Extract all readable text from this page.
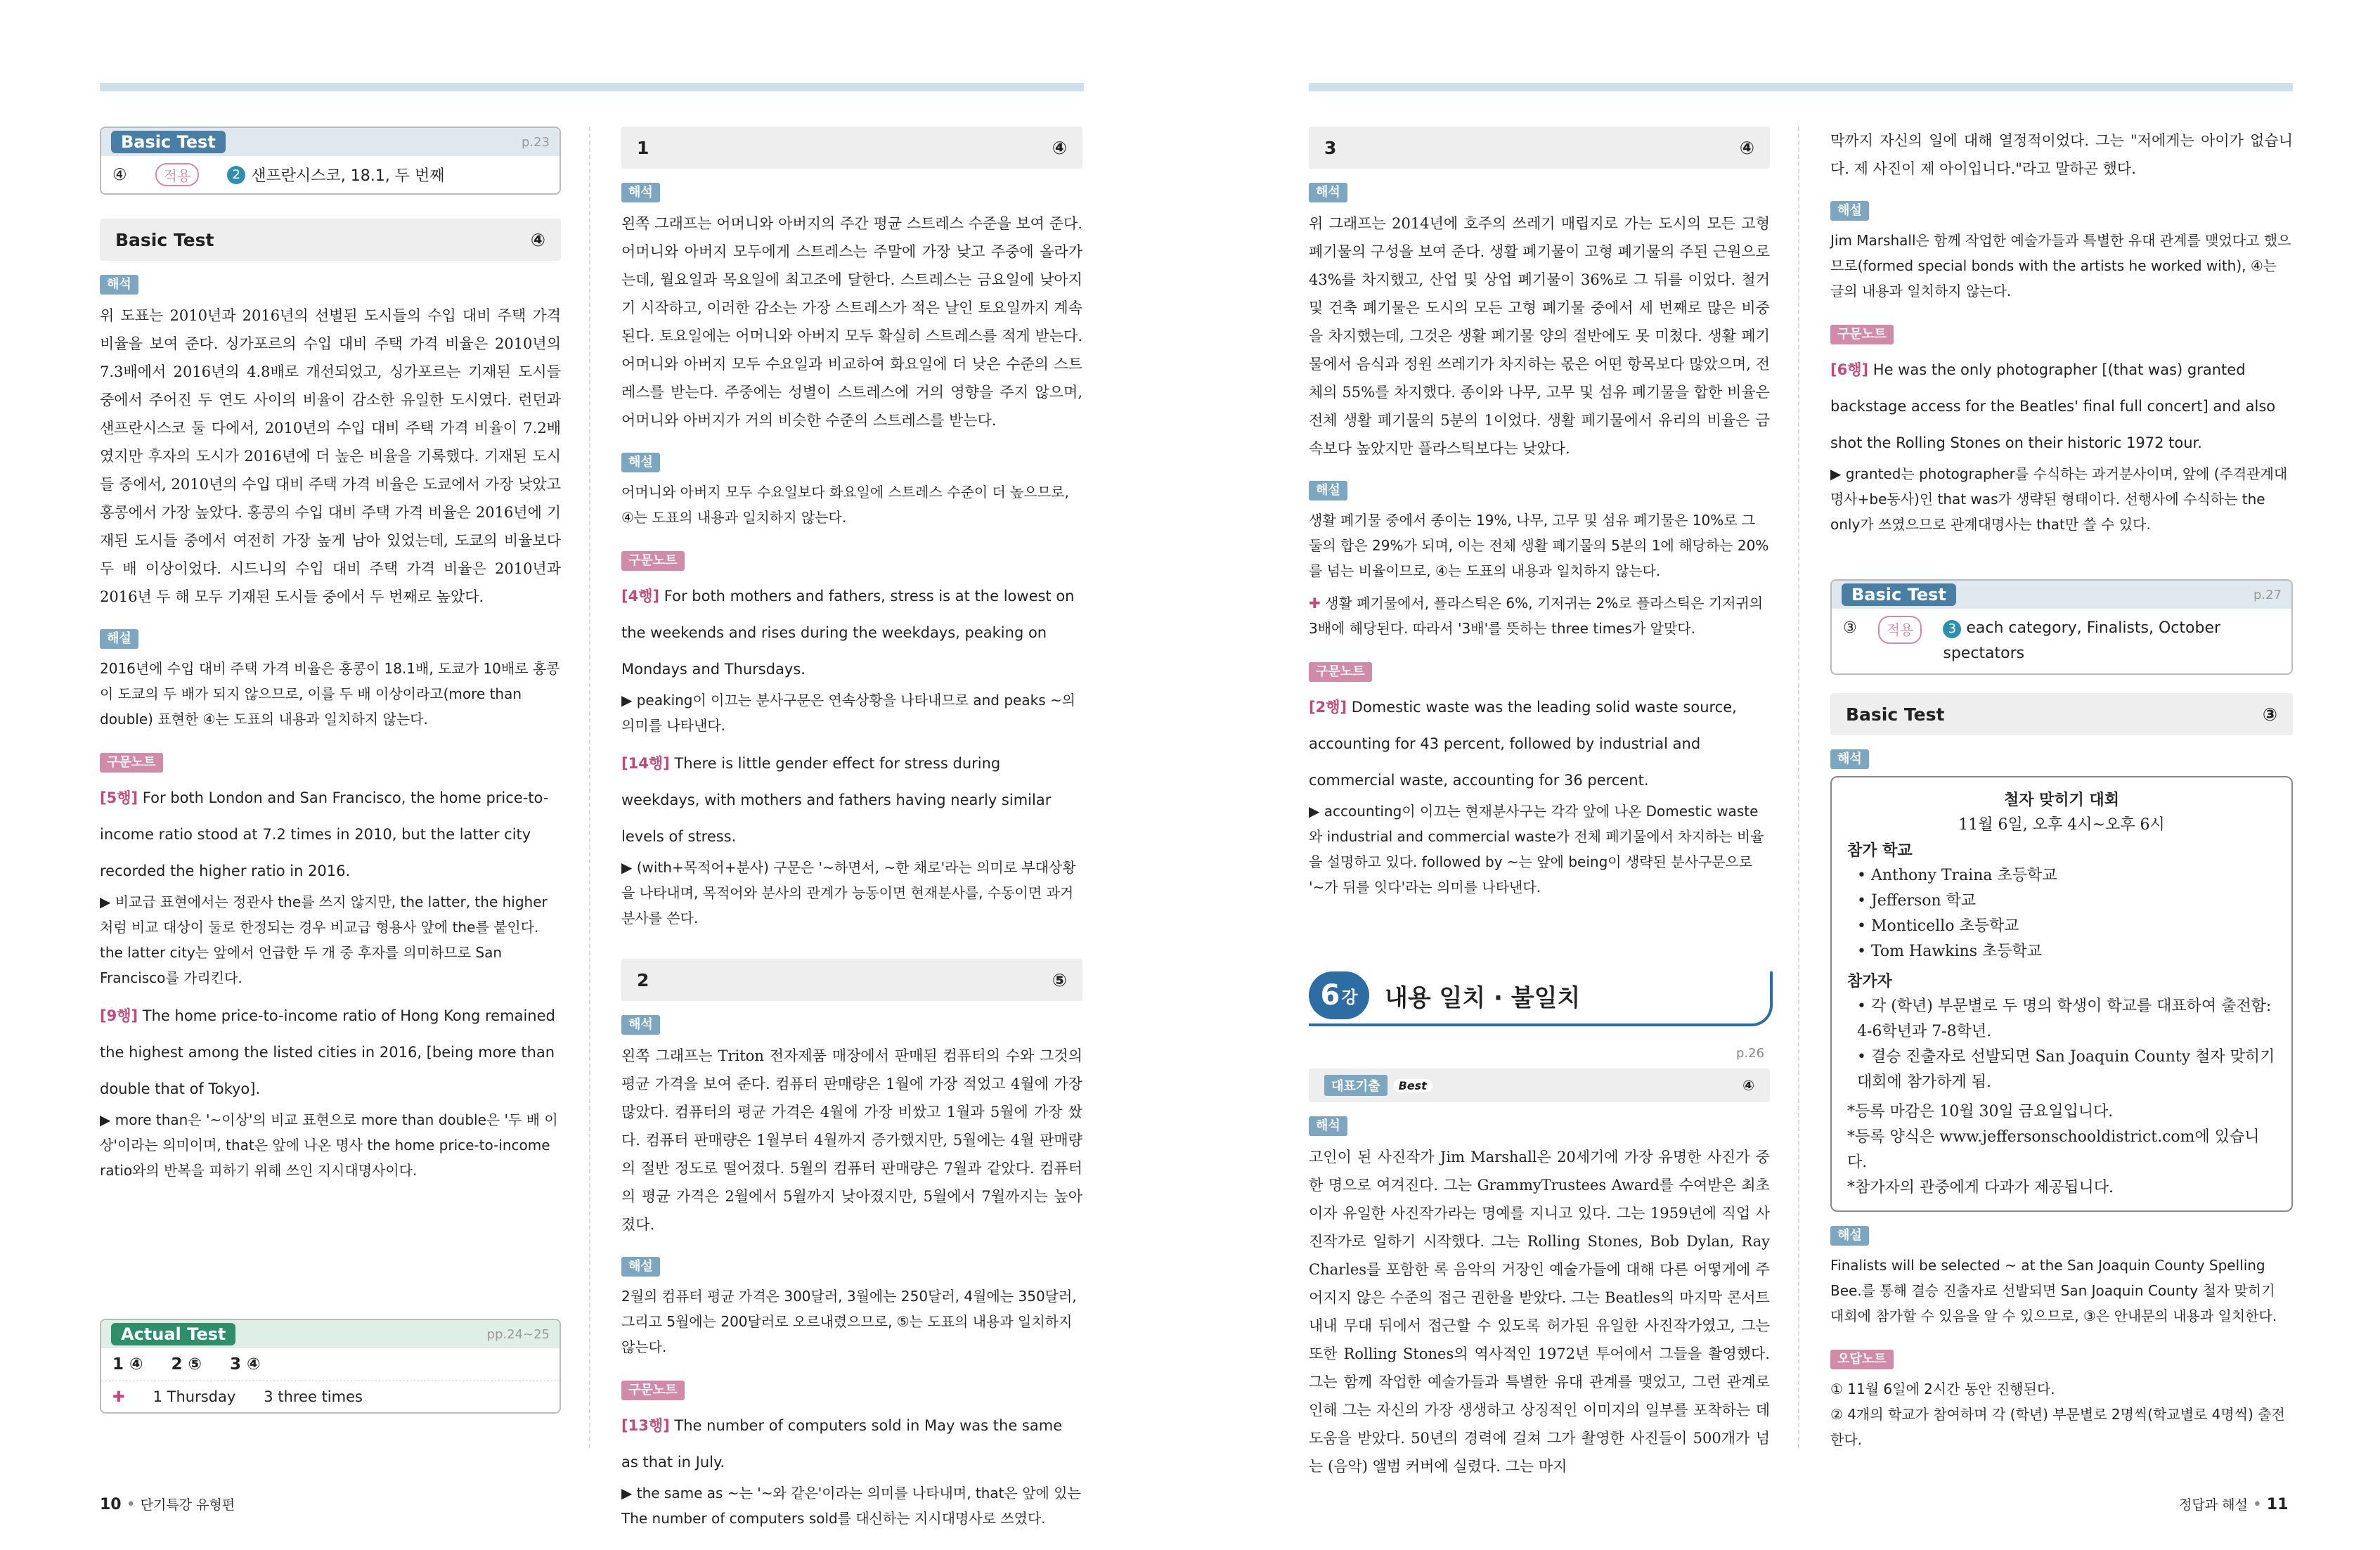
Basic Test	p.23
④	적용	2 샌프란시스코, 18.1, 두 번째
Basic Test	④
해석

위 도표는 2010년과 2016년의 선별된 도시들의 수입 대비 주택 가격 비율을 보여 준다. 싱가포르의 수입 대비 주택 가격 비율은 2010년의 7.3배에서 2016년의 4.8배로 개선되었고, 싱가포르는 기재된 도시들 중에서 주어진 두 연도 사이의 비율이 감소한 유일한 도시였다. 런던과 샌프란시스코 둘 다에서, 2010년의 수입 대비 주택 가격 비율이 7.2배였지만 후자의 도시가 2016년에 더 높은 비율을 기록했다. 기재된 도시들 중에서, 2010년의 수입 대비 주택 가격 비율은 도쿄에서 가장 낮았고 홍콩에서 가장 높았다. 홍콩의 수입 대비 주택 가격 비율은 2016년에 기재된 도시들 중에서 여전히 가장 높게 남아 있었는데, 도쿄의 비율보다 두 배 이상이었다. 시드니의 수입 대비 주택 가격 비율은 2010년과 2016년 두 해 모두 기재된 도시들 중에서 두 번째로 높았다.

해설

2016년에 수입 대비 주택 가격 비율은 홍콩이 18.1배, 도쿄가 10배로 홍콩이 도쿄의 두 배가 되지 않으므로, 이를 두 배 이상이라고(more than double) 표현한 ④는 도표의 내용과 일치하지 않는다.

구문노트

[5행] For both London and San Francisco, the home price-to-income ratio stood at 7.2 times in 2010, but the latter city recorded the higher ratio in 2016.

▶ 비교급 표현에서는 정관사 the를 쓰지 않지만, the latter, the higher처럼 비교 대상이 둘로 한정되는 경우 비교급 형용사 앞에 the를 붙인다. the latter city는 앞에서 언급한 두 개 중 후자를 의미하므로 San Francisco를 가리킨다.

[9행] The home price-to-income ratio of Hong Kong remained the highest among the listed cities in 2016, [being more than double that of Tokyo].

▶ more than은 '~이상'의 비교 표현으로 more than double은 '두 배 이상'이라는 의미이며, that은 앞에 나온 명사 the home price-to-income ratio와의 반복을 피하기 위해 쓰인 지시대명사이다.

Actual Test	pp.24~25
1 ④ 2 ⑤ 3 ④
✚ 1 Thursday 3 three times
1	④
해석

왼쪽 그래프는 어머니와 아버지의 주간 평균 스트레스 수준을 보여 준다. 어머니와 아버지 모두에게 스트레스는 주말에 가장 낮고 주중에 올라가는데, 월요일과 목요일에 최고조에 달한다. 스트레스는 금요일에 낮아지기 시작하고, 이러한 감소는 가장 스트레스가 적은 날인 토요일까지 계속된다. 토요일에는 어머니와 아버지 모두 확실히 스트레스를 적게 받는다. 어머니와 아버지 모두 수요일과 비교하여 화요일에 더 낮은 수준의 스트레스를 받는다. 주중에는 성별이 스트레스에 거의 영향을 주지 않으며, 어머니와 아버지가 거의 비슷한 수준의 스트레스를 받는다.

해설

어머니와 아버지 모두 수요일보다 화요일에 스트레스 수준이 더 높으므로, ④는 도표의 내용과 일치하지 않는다.

구문노트

[4행] For both mothers and fathers, stress is at the lowest on the weekends and rises during the weekdays, peaking on Mondays and Thursdays.

▶ peaking이 이끄는 분사구문은 연속상황을 나타내므로 and peaks ~의 의미를 나타낸다.

[14행] There is little gender effect for stress during weekdays, with mothers and fathers having nearly similar levels of stress.

▶ (with+목적어+분사) 구문은 '~하면서, ~한 채로'라는 의미로 부대상황을 나타내며, 목적어와 분사의 관계가 능동이면 현재분사를, 수동이면 과거분사를 쓴다.

2	⑤
해석

왼쪽 그래프는 Triton 전자제품 매장에서 판매된 컴퓨터의 수와 그것의 평균 가격을 보여 준다. 컴퓨터 판매량은 1월에 가장 적었고 4월에 가장 많았다. 컴퓨터의 평균 가격은 4월에 가장 비쌌고 1월과 5월에 가장 쌌다. 컴퓨터 판매량은 1월부터 4월까지 증가했지만, 5월에는 4월 판매량의 절반 정도로 떨어졌다. 5월의 컴퓨터 판매량은 7월과 같았다. 컴퓨터의 평균 가격은 2월에서 5월까지 낮아졌지만, 5월에서 7월까지는 높아졌다.

해설

2월의 컴퓨터 평균 가격은 300달러, 3월에는 250달러, 4월에는 350달러, 그리고 5월에는 200달러로 오르내렸으므로, ⑤는 도표의 내용과 일치하지 않는다.

구문노트

[13행] The number of computers sold in May was the same as that in July.

▶ the same as ~는 '~와 같은'이라는 의미를 나타내며, that은 앞에 있는 The number of computers sold를 대신하는 지시대명사로 쓰였다.

10 • 단기특강 유형편
3	④
해석

위 그래프는 2014년에 호주의 쓰레기 매립지로 가는 도시의 모든 고형 폐기물의 구성을 보여 준다. 생활 폐기물이 고형 폐기물의 주된 근원으로 43%를 차지했고, 산업 및 상업 폐기물이 36%로 그 뒤를 이었다. 철거 및 건축 폐기물은 도시의 모든 고형 폐기물 중에서 세 번째로 많은 비중을 차지했는데, 그것은 생활 폐기물 양의 절반에도 못 미쳤다. 생활 폐기물에서 음식과 정원 쓰레기가 차지하는 몫은 어떤 항목보다 많았으며, 전체의 55%를 차지했다. 종이와 나무, 고무 및 섬유 폐기물을 합한 비율은 전체 생활 폐기물의 5분의 1이었다. 생활 폐기물에서 유리의 비율은 금속보다 높았지만 플라스틱보다는 낮았다.

해설

생활 폐기물 중에서 종이는 19%, 나무, 고무 및 섬유 폐기물은 10%로 그 둘의 합은 29%가 되며, 이는 전체 생활 폐기물의 5분의 1에 해당하는 20%를 넘는 비율이므로, ④는 도표의 내용과 일치하지 않는다.

✚ 생활 폐기물에서, 플라스틱은 6%, 기저귀는 2%로 플라스틱은 기저귀의 3배에 해당된다. 따라서 '3배'를 뜻하는 three times가 알맞다.

구문노트

[2행] Domestic waste was the leading solid waste source, accounting for 43 percent, followed by industrial and commercial waste, accounting for 36 percent.

▶ accounting이 이끄는 현재분사구는 각각 앞에 나온 Domestic waste와 industrial and commercial waste가 전체 폐기물에서 차지하는 비율을 설명하고 있다. followed by ~는 앞에 being이 생략된 분사구문으로 '~가 뒤를 잇다'라는 의미를 나타낸다.

6 강 내용 일치 · 불일치
p.26
대표기출	Best	④
해석

고인이 된 사진작가 Jim Marshall은 20세기에 가장 유명한 사진가 중 한 명으로 여겨진다. 그는 GrammyTrustees Award를 수여받은 최초이자 유일한 사진작가라는 명예를 지니고 있다. 그는 1959년에 직업 사진작가로 일하기 시작했다. 그는 Rolling Stones, Bob Dylan, Ray Charles를 포함한 록 음악의 거장인 예술가들에 대해 다른 어떻게에 주어지지 않은 수준의 접근 권한을 받았다. 그는 Beatles의 마지막 콘서트 내내 무대 뒤에서 접근할 수 있도록 허가된 유일한 사진작가였고, 그는 또한 Rolling Stones의 역사적인 1972년 투어에서 그들을 촬영했다. 그는 함께 작업한 예술가들과 특별한 유대 관계를 맺었고, 그런 관계로 인해 그는 자신의 가장 생생하고 상징적인 이미지의 일부를 포착하는 데 도움을 받았다. 50년의 경력에 걸쳐 그가 촬영한 사진들이 500개가 넘는 (음악) 앨범 커버에 실렸다. 그는 마지

막까지 자신의 일에 대해 열정적이었다. 그는 "저에게는 아이가 없습니다. 제 사진이 제 아이입니다."라고 말하곤 했다.

해설

Jim Marshall은 함께 작업한 예술가들과 특별한 유대 관계를 맺었다고 했으므로(formed special bonds with the artists he worked with), ④는 글의 내용과 일치하지 않는다.

구문노트

[6행] He was the only photographer [(that was) granted backstage access for the Beatles' final full concert] and also shot the Rolling Stones on their historic 1972 tour.

▶ granted는 photographer를 수식하는 과거분사이며, 앞에 (주격관계대명사+be동사)인 that was가 생략된 형태이다. 선행사에 수식하는 the only가 쓰였으므로 관계대명사는 that만 쓸 수 있다.

Basic Test	p.27
③	적용	3 each category, Finalists, October spectators
Basic Test	③
해석
철자 맞히기 대회
11월 6일, 오후 4시~오후 6시
참가 학교
• Anthony Traina 초등학교
• Jefferson 학교
• Monticello 초등학교
• Tom Hawkins 초등학교
참가자
• 각 (학년) 부문별로 두 명의 학생이 학교를 대표하여 출전함: 4-6학년과 7-8학년.
• 결승 진출자로 선발되면 San Joaquin County 철자 맞히기 대회에 참가하게 됨.
*등록 마감은 10월 30일 금요일입니다.
*등록 양식은 www.jeffersonschooldistrict.com에 있습니다.
*참가자의 관중에게 다과가 제공됩니다.
해설

Finalists will be selected ~ at the San Joaquin County Spelling Bee.를 통해 결승 진출자로 선발되면 San Joaquin County 철자 맞히기 대회에 참가할 수 있음을 알 수 있으므로, ③은 안내문의 내용과 일치한다.

오답노트

① 11월 6일에 2시간 동안 진행된다.

② 4개의 학교가 참여하며 각 (학년) 부문별로 2명씩(학교별로 4명씩) 출전한다.

정답과 해설 • 11
